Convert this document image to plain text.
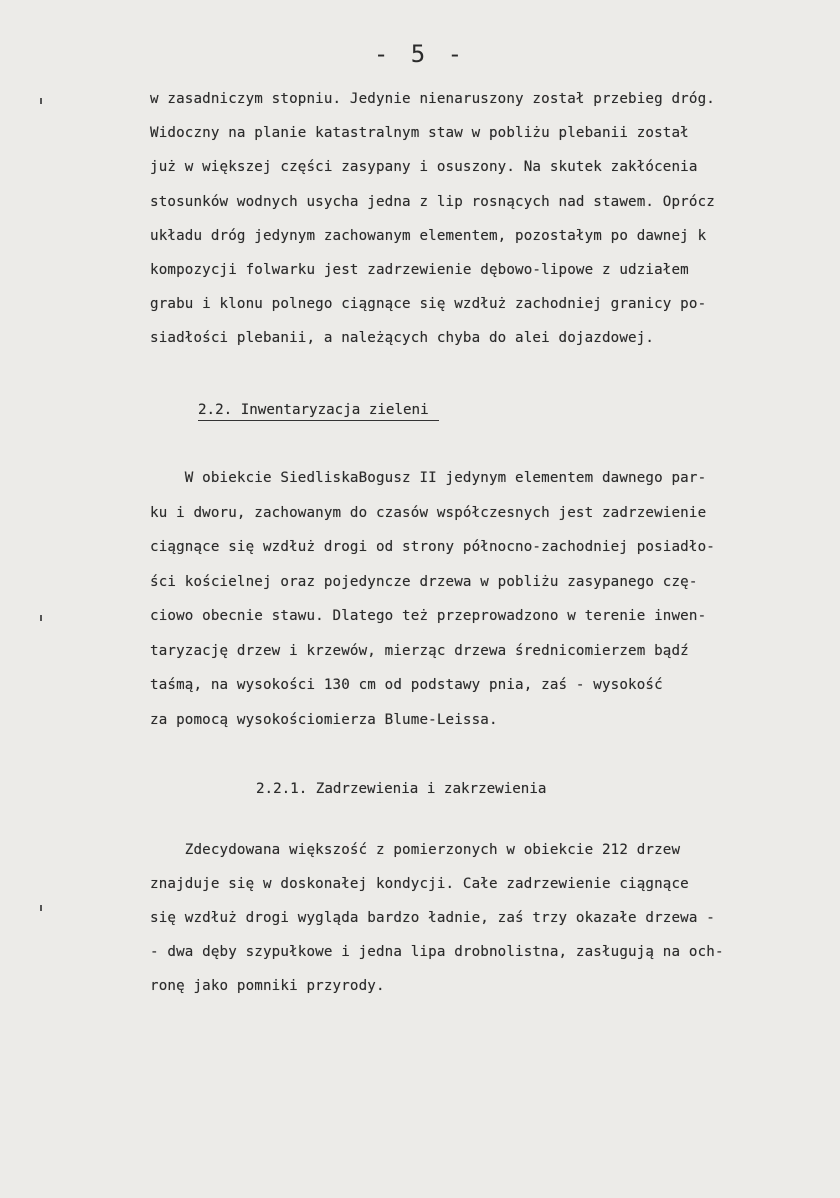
- 5 -
w zasadniczym stopniu. Jedynie nienaruszony został przebieg dróg.
Widoczny na planie katastralnym staw w pobliżu plebanii został
już w większej części zasypany i osuszony. Na skutek zakłócenia
stosunków wodnych usycha jedna z lip rosnących nad stawem. Oprócz
układu dróg jedynym zachowanym elementem, pozostałym po dawnej k
kompozycji folwarku jest zadrzewienie dębowo-lipowe z udziałem
grabu i klonu polnego ciągnące się wzdłuż zachodniej granicy po-
siadłości plebanii, a należących chyba do alei dojazdowej.
2.2. Inwentaryzacja zieleni
W obiekcie SiedliskaBogusz II jedynym elementem dawnego par-
ku i dworu, zachowanym do czasów współczesnych jest zadrzewienie
ciągnące się wzdłuż drogi od strony północno-zachodniej posiadło-
ści kościelnej oraz pojedyncze drzewa w pobliżu zasypanego czę-
ciowo obecnie stawu. Dlatego też przeprowadzono w terenie inwen-
taryzację drzew i krzewów, mierząc drzewa średnicomierzem bądź
taśmą, na wysokości 130 cm od podstawy pnia, zaś - wysokość
za pomocą wysokościomierza Blume-Leissa.
2.2.1. Zadrzewienia i zakrzewienia
Zdecydowana większość z pomierzonych w obiekcie 212 drzew
znajduje się w doskonałej kondycji. Całe zadrzewienie ciągnące
się wzdłuż drogi wygląda bardzo ładnie, zaś trzy okazałe drzewa -
- dwa dęby szypułkowe i jedna lipa drobnolistna, zasługują na och-
ronę jako pomniki przyrody.
